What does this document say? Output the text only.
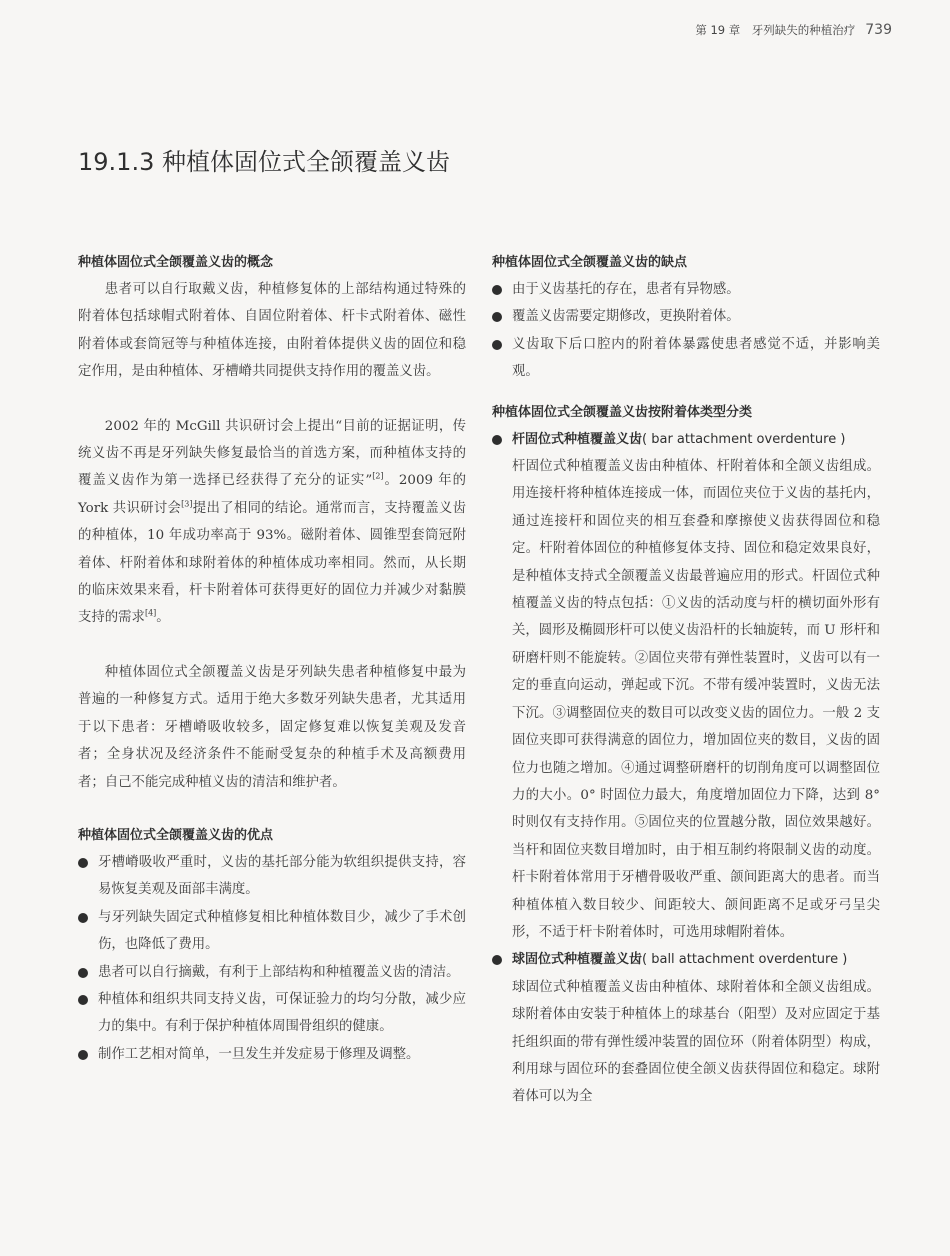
第 19 章　牙列缺失的种植治疗 739
19.1.3 种植体固位式全颌覆盖义齿
种植体固位式全颌覆盖义齿的概念

患者可以自行取戴义齿，种植修复体的上部结构通过特殊的附着体包括球帽式附着体、自固位附着体、杆卡式附着体、磁性附着体或套筒冠等与种植体连接，由附着体提供义齿的固位和稳定作用，是由种植体、牙槽嵴共同提供支持作用的覆盖义齿。

2002 年的 McGill 共识研讨会上提出“目前的证据证明，传统义齿不再是牙列缺失修复最恰当的首选方案，而种植体支持的覆盖义齿作为第一选择已经获得了充分的证实”[2]。2009 年的 York 共识研讨会[3]提出了相同的结论。通常而言，支持覆盖义齿的种植体，10 年成功率高于 93%。磁附着体、圆锥型套筒冠附着体、杆附着体和球附着体的种植体成功率相同。然而，从长期的临床效果来看，杆卡附着体可获得更好的固位力并减少对黏膜支持的需求[4]。

种植体固位式全颌覆盖义齿是牙列缺失患者种植修复中最为普遍的一种修复方式。适用于绝大多数牙列缺失患者，尤其适用于以下患者：牙槽嵴吸收较多，固定修复难以恢复美观及发音者；全身状况及经济条件不能耐受复杂的种植手术及高额费用者；自己不能完成种植义齿的清洁和维护者。

种植体固位式全颌覆盖义齿的优点
牙槽嵴吸收严重时，义齿的基托部分能为软组织提供支持，容易恢复美观及面部丰满度。
与牙列缺失固定式种植修复相比种植体数目少，减少了手术创伤，也降低了费用。
患者可以自行摘戴，有利于上部结构和种植覆盖义齿的清洁。
种植体和组织共同支持义齿，可保证验力的均匀分散，减少应力的集中。有利于保护种植体周围骨组织的健康。
制作工艺相对简单，一旦发生并发症易于修理及调整。
种植体固位式全颌覆盖义齿的缺点
由于义齿基托的存在，患者有异物感。
覆盖义齿需要定期修改，更换附着体。
义齿取下后口腔内的附着体暴露使患者感觉不适，并影响美观。
种植体固位式全颌覆盖义齿按附着体类型分类
杆固位式种植覆盖义齿( bar attachment overdenture )
杆固位式种植覆盖义齿由种植体、杆附着体和全颌义齿组成。用连接杆将种植体连接成一体，而固位夹位于义齿的基托内，通过连接杆和固位夹的相互套叠和摩擦使义齿获得固位和稳定。杆附着体固位的种植修复体支持、固位和稳定效果良好，是种植体支持式全颌覆盖义齿最普遍应用的形式。杆固位式种植覆盖义齿的特点包括：①义齿的活动度与杆的横切面外形有关，圆形及椭圆形杆可以使义齿沿杆的长轴旋转，而 U 形杆和研磨杆则不能旋转。②固位夹带有弹性装置时，义齿可以有一定的垂直向运动，弹起或下沉。不带有缓冲装置时，义齿无法下沉。③调整固位夹的数目可以改变义齿的固位力。一般 2 支固位夹即可获得满意的固位力，增加固位夹的数目，义齿的固位力也随之增加。④通过调整研磨杆的切削角度可以调整固位力的大小。0° 时固位力最大，角度增加固位力下降，达到 8° 时则仅有支持作用。⑤固位夹的位置越分散，固位效果越好。当杆和固位夹数目增加时，由于相互制约将限制义齿的动度。杆卡附着体常用于牙槽骨吸收严重、颌间距离大的患者。而当种植体植入数目较少、间距较大、颌间距离不足或牙弓呈尖形，不适于杆卡附着体时，可选用球帽附着体。
球固位式种植覆盖义齿( ball attachment overdenture )
球固位式种植覆盖义齿由种植体、球附着体和全颌义齿组成。球附着体由安装于种植体上的球基台（阳型）及对应固定于基托组织面的带有弹性缓冲装置的固位环（附着体阴型）构成，利用球与固位环的套叠固位使全颌义齿获得固位和稳定。球附着体可以为全
